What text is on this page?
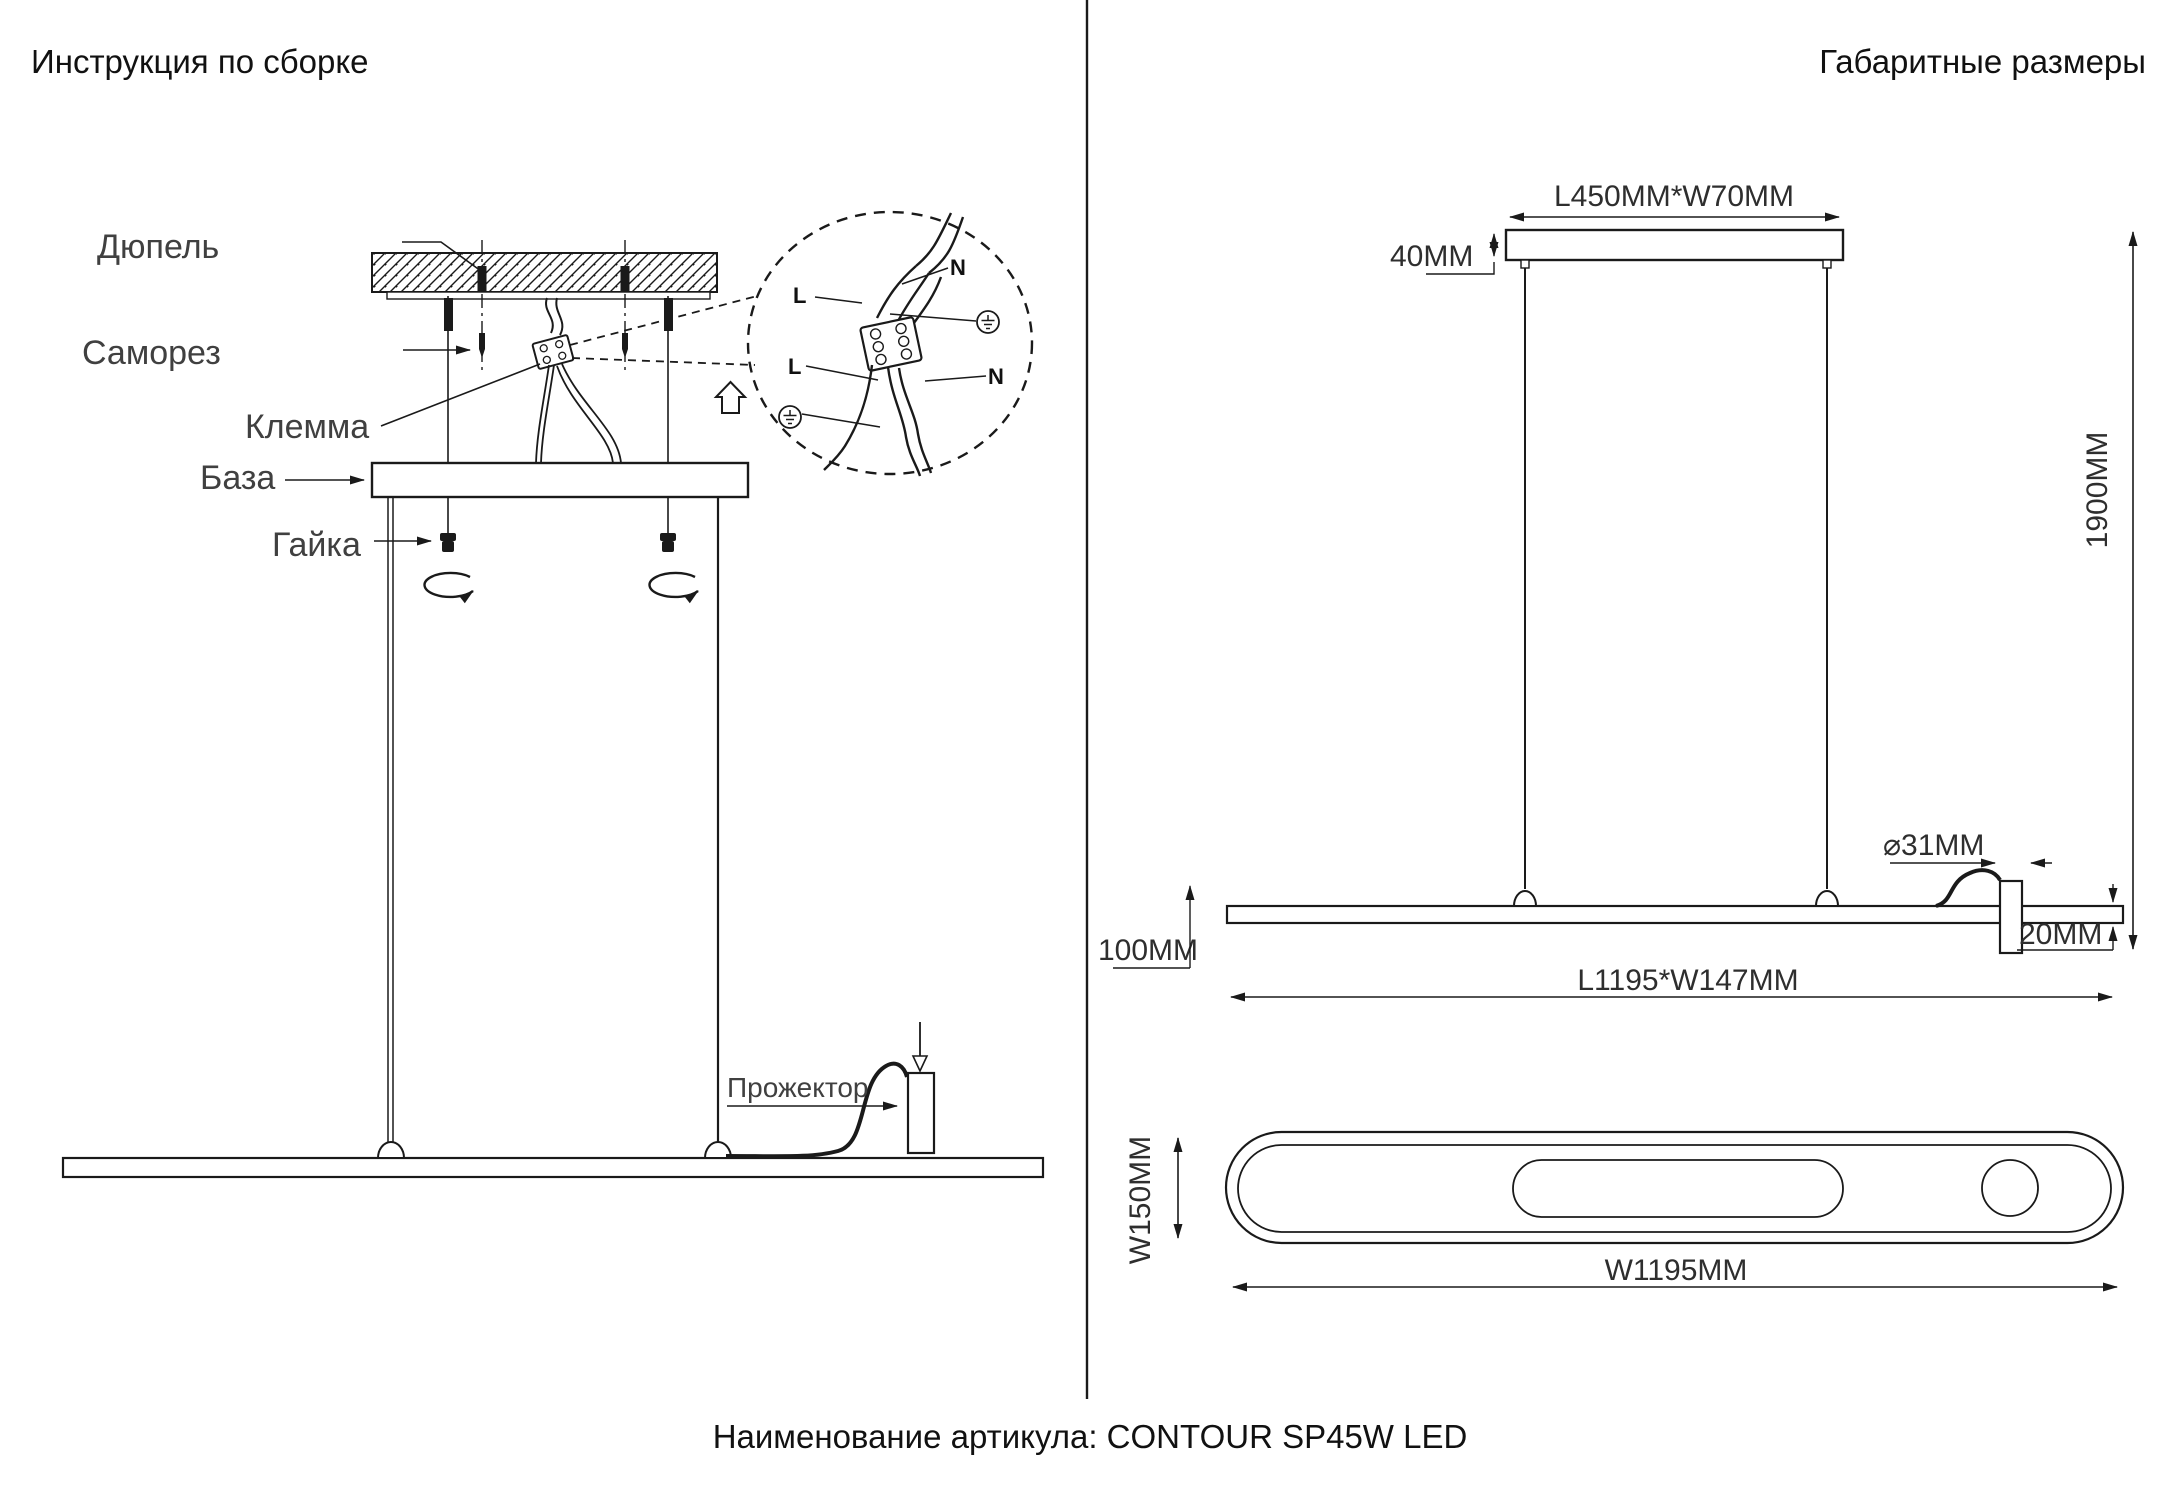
Инструкция по сборке	Габаритные размеры
Наименование артикула: CONTOUR SP45W LED
L
N
L	N
Дюпель
Саморез
Клемма
База
Гайка
Прожектор
L450MM*W70MM
40MM
⌀31MM
20MM
1900MM
100MM
L1195*W147MM
W150MM
W1195MM
